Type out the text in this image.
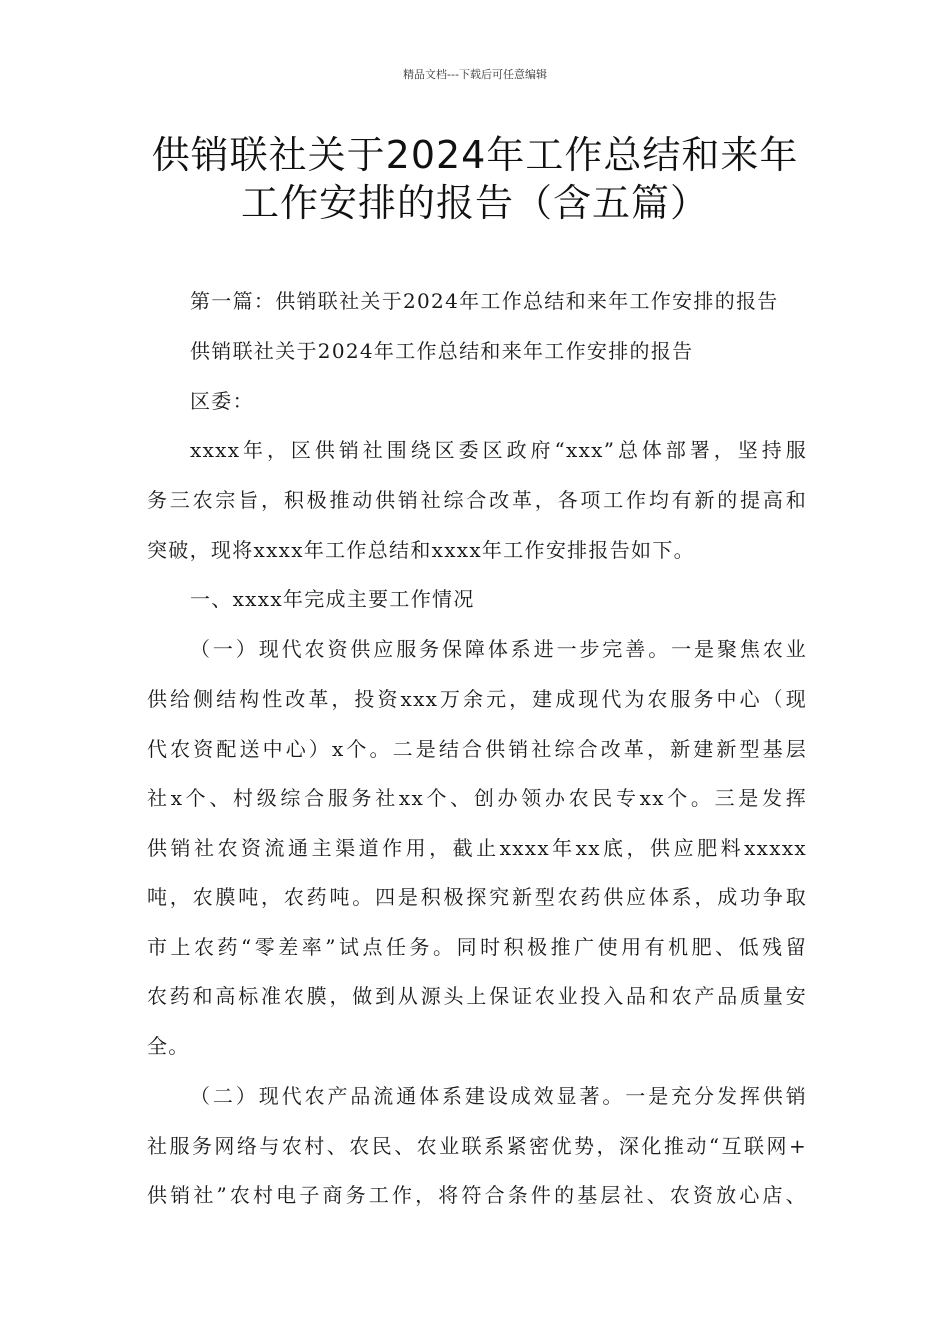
精品文档---下载后可任意编辑
供销联社关于2024年工作总结和来年
工作安排的报告（含五篇）
第一篇：供销联社关于2024年工作总结和来年工作安排的报告
供销联社关于2024年工作总结和来年工作安排的报告
区委：
xxxx年，区供销社围绕区委区政府“xxx”总体部署，坚持服
务三农宗旨，积极推动供销社综合改革，各项工作均有新的提高和
突破，现将xxxx年工作总结和xxxx年工作安排报告如下。
一、xxxx年完成主要工作情况
（一）现代农资供应服务保障体系进一步完善。一是聚焦农业
供给侧结构性改革，投资xxx万余元，建成现代为农服务中心（现
代农资配送中心）x个。二是结合供销社综合改革，新建新型基层
社x个、村级综合服务社xx个、创办领办农民专xx个。三是发挥
供销社农资流通主渠道作用，截止xxxx年xx底，供应肥料xxxxx
吨，农膜吨，农药吨。四是积极探究新型农药供应体系，成功争取
市上农药“零差率”试点任务。同时积极推广使用有机肥、低残留
农药和高标准农膜，做到从源头上保证农业投入品和农产品质量安
全。
（二）现代农产品流通体系建设成效显著。一是充分发挥供销
社服务网络与农村、农民、农业联系紧密优势，深化推动“互联网+
供销社”农村电子商务工作，将符合条件的基层社、农资放心店、
